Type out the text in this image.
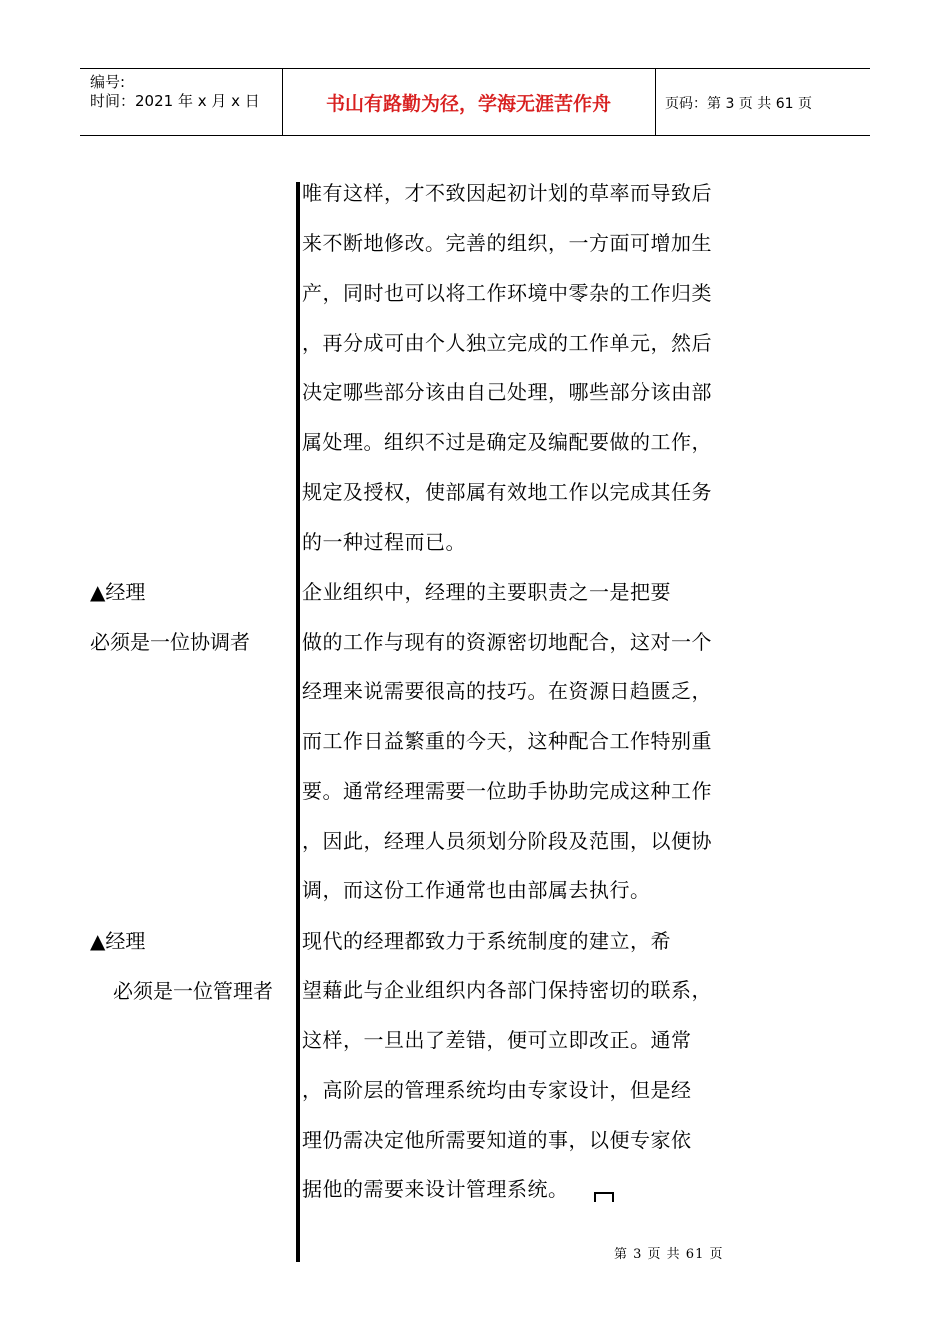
编号:
时间：2021 年 x 月 x 日	书山有路勤为径，学海无涯苦作舟	页码：第 3 页 共 61 页
唯有这样，才不致因起初计划的草率而导致后
来不断地修改。完善的组织，一方面可增加生
产，同时也可以将工作环境中零杂的工作归类
，再分成可由个人独立完成的工作单元，然后
决定哪些部分该由自己处理，哪些部分该由部
属处理。组织不过是确定及编配要做的工作，
规定及授权，使部属有效地工作以完成其任务
的一种过程而已。
▲经理
必须是一位协调者
企业组织中，经理的主要职责之一是把要
做的工作与现有的资源密切地配合，这对一个
经理来说需要很高的技巧。在资源日趋匮乏，
而工作日益繁重的今天，这种配合工作特别重
要。通常经理需要一位助手协助完成这种工作
，因此，经理人员须划分阶段及范围，以便协
调，而这份工作通常也由部属去执行。
▲经理
必须是一位管理者
现代的经理都致力于系统制度的建立，希
望藉此与企业组织内各部门保持密切的联系，
这样，一旦出了差错，便可立即改正。通常
，高阶层的管理系统均由专家设计，但是经
理仍需决定他所需要知道的事，以便专家依
据他的需要来设计管理系统。
第 3 页 共 61 页
